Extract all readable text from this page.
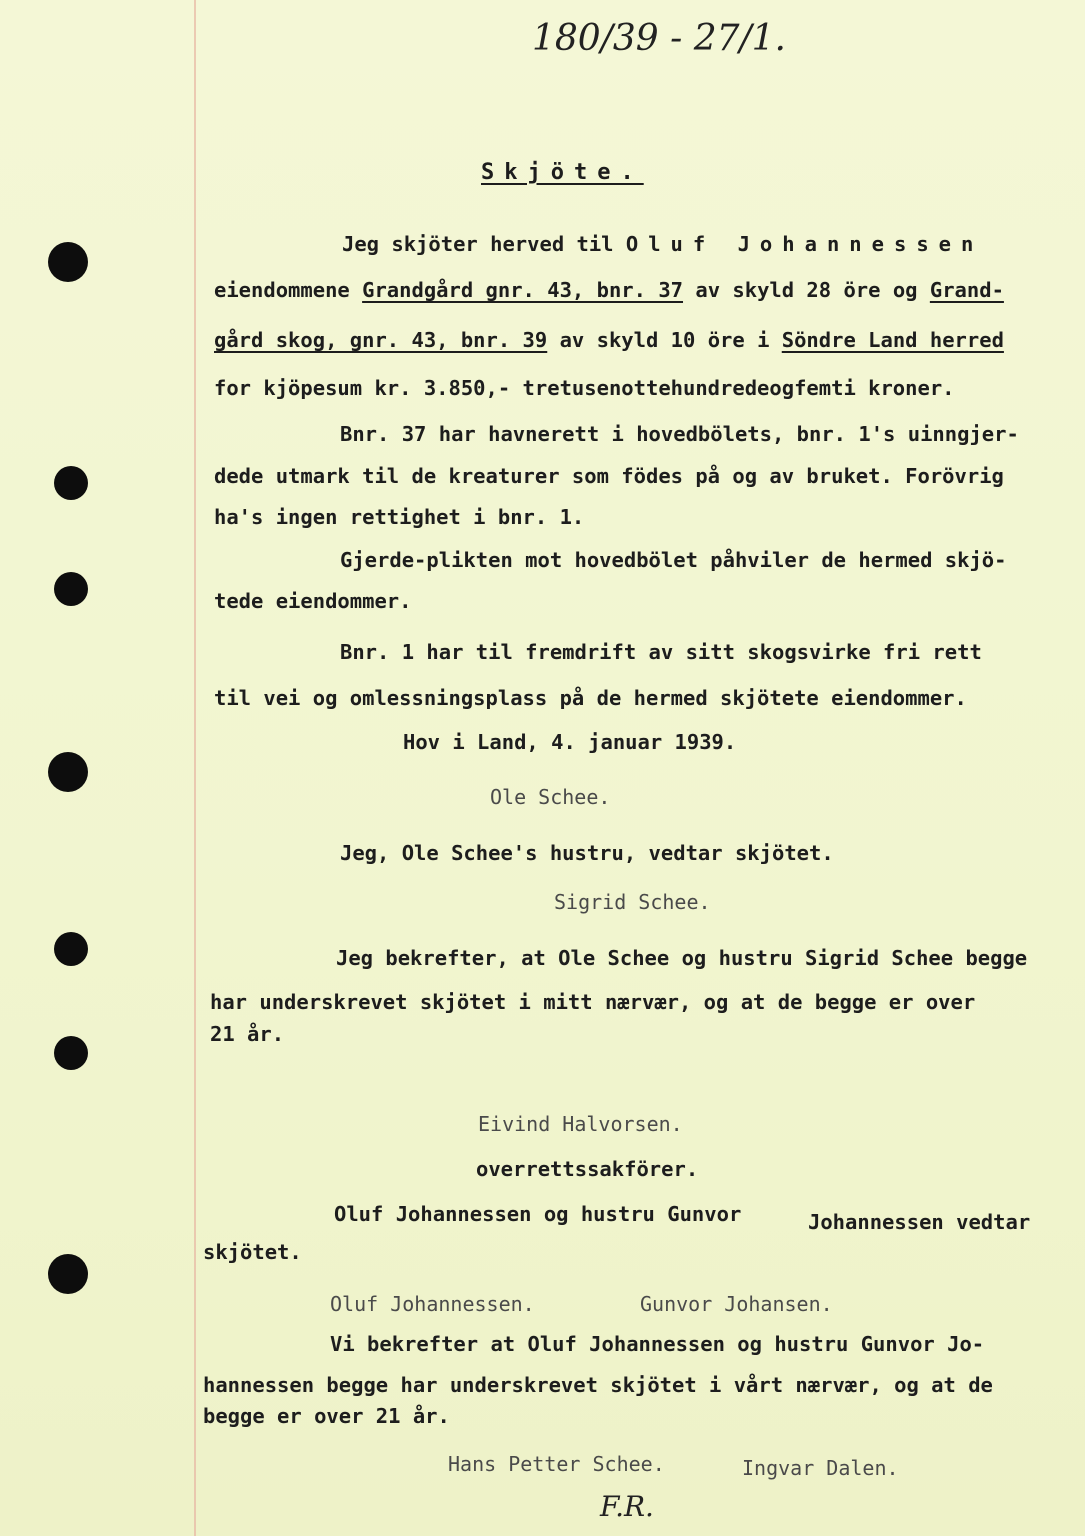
180/39 - 27/1.
Skjöte.
Jeg skjöter herved til Oluf Johannessen
eiendommene Grandgård gnr. 43, bnr. 37 av skyld 28 öre og Grand-
gård skog, gnr. 43, bnr. 39 av skyld 10 öre i Söndre Land herred
for kjöpesum kr. 3.850,- tretusenottehundredeogfemti kroner.
Bnr. 37 har havnerett i hovedbölets, bnr. 1's uinngjer-
dede utmark til de kreaturer som födes på og av bruket. Forövrig
ha's ingen rettighet i bnr. 1.
Gjerde-plikten mot hovedbölet påhviler de hermed skjö-
tede eiendommer.
Bnr. 1 har til fremdrift av sitt skogsvirke fri rett
til vei og omlessningsplass på de hermed skjötete eiendommer.
Hov i Land, 4. januar 1939.
Ole Schee.
Jeg, Ole Schee's hustru, vedtar skjötet.
Sigrid Schee.
Jeg bekrefter, at Ole Schee og hustru Sigrid Schee begge
har underskrevet skjötet i mitt nærvær, og at de begge er over
21 år.
Eivind Halvorsen.
overrettssakförer.
Oluf Johannessen og hustru Gunvor	Johannessen vedtar
skjötet.
Oluf Johannessen.	Gunvor Johansen.
Vi bekrefter at Oluf Johannessen og hustru Gunvor Jo-
hannessen begge har underskrevet skjötet i vårt nærvær, og at de
begge er over 21 år.
Hans Petter Schee.	Ingvar Dalen.
F.R.
